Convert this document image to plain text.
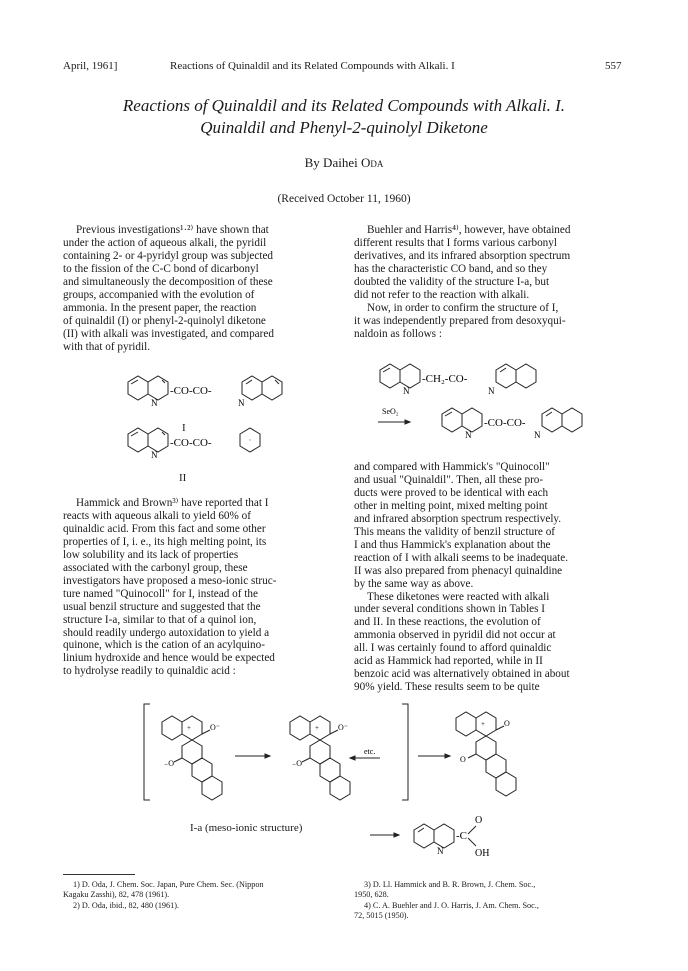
April, 1961]	Reactions of Quinaldil and its Related Compounds with Alkali. I	557
Reactions of Quinaldil and its Related Compounds with Alkali. I.
Quinaldil and Phenyl-2-quinolyl Diketone
By Daihei Oda
(Received October 11, 1960)
Previous investigations¹·²⁾ have shown that
under the action of aqueous alkali, the pyridil
containing 2- or 4-pyridyl group was subjected
to the fission of the C-C bond of dicarbonyl
and simultaneously the decomposition of these
groups, accompanied with the evolution of
ammonia. In the present paper, the reaction
of quinaldil (I) or phenyl-2-quinolyl diketone
(II) with alkali was investigated, and compared
with that of pyridil.
N
-CO-CO-
N
I
N
-CO-CO-
II
Hammick and Brown³⁾ have reported that I
reacts with aqueous alkali to yield 60% of
quinaldic acid. From this fact and some other
properties of I, i. e., its high melting point, its
low solubility and its lack of properties
associated with the carbonyl group, these
investigators have proposed a meso-ionic struc-
ture named "Quinocoll" for I, instead of the
usual benzil structure and suggested that the
structure I-a, similar to that of a quinol ion,
should readily undergo autoxidation to yield a
quinone, which is the cation of an acylquino-
linium hydroxide and hence would be expected
to hydrolyse readily to quinaldic acid :
Buehler and Harris⁴⁾, however, have obtained
different results that I forms various carbonyl
derivatives, and its infrared absorption spectrum
has the characteristic CO band, and so they
doubted the validity of the structure I-a, but
did not refer to the reaction with alkali.
Now, in order to confirm the structure of I,
it was independently prepared from desoxyqui-
naldoin as follows :
N
-CH₂-CO-
N
SeO₂
N
-CO-CO-
N
and compared with Hammick's "Quinocoll"
and usual "Quinaldil". Then, all these pro-
ducts were proved to be identical with each
other in melting point, mixed melting point
and infrared absorption spectrum respectively.
This means the validity of benzil structure of
I and thus Hammick's explanation about the
reaction of I with alkali seems to be inadequate.
II was also prepared from phenacyl quinaldine
by the same way as above.
These diketones were reacted with alkali
under several conditions shown in Tables I
and II. In these reactions, the evolution of
ammonia observed in pyridil did not occur at
all. I was certainly found to afford quinaldic
acid as Hammick had reported, while in II
benzoic acid was alternatively obtained in about
90% yield. These results seem to be quite
+ O⁻
₋O
+ O⁻
₋O
etc.
+ O
O
I-a (meso-ionic structure)
N
-C
O
OH
1) D. Oda, J. Chem. Soc. Japan, Pure Chem. Sec. (Nippon
Kagaku Zasshi), 82, 478 (1961).
2) D. Oda, ibid., 82, 480 (1961).
3) D. Ll. Hammick and B. R. Brown, J. Chem. Soc.,
1950, 628.
4) C. A. Buehler and J. O. Harris, J. Am. Chem. Soc.,
72, 5015 (1950).
